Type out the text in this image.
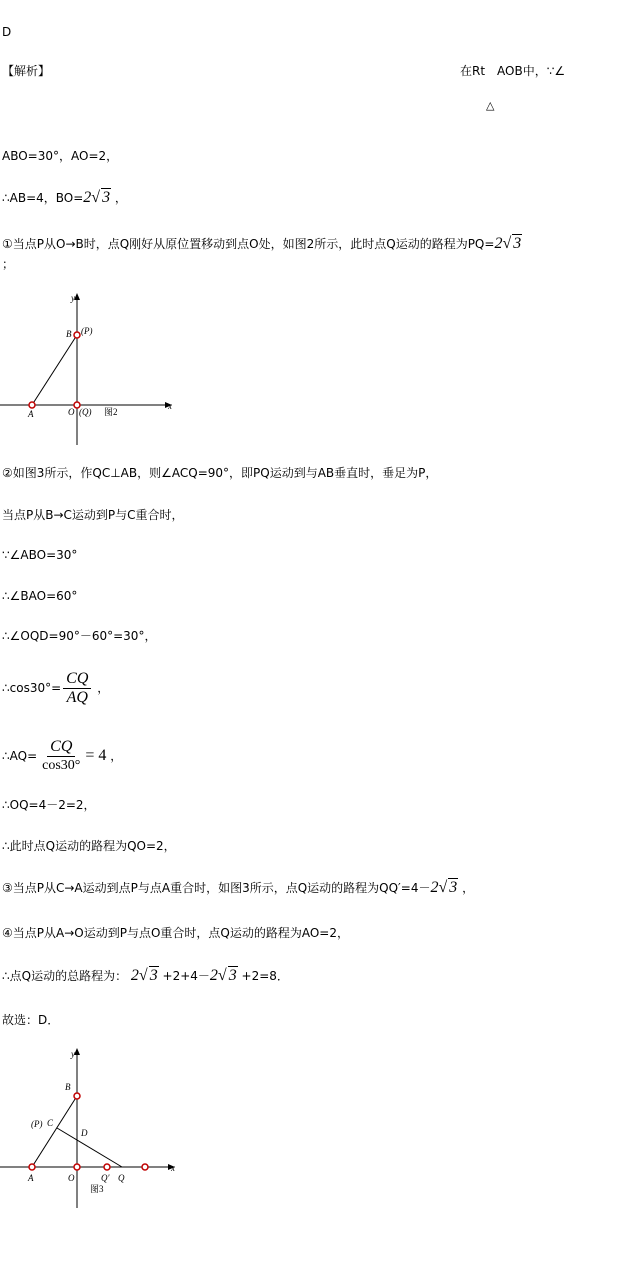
D
【解析】	在Rt　AOB中，∵∠
△
ABO=30°，AO=2，
∴AB=4，BO=2√ 3 ，
①当点P从O→B时，点Q刚好从原位置移动到点O处，如图2所示，此时点Q运动的路程为PQ=2√ 3
；
y
x
B (P)
A	O (Q) 图2
②如图3所示，作QC⊥AB，则∠ACQ=90°，即PQ运动到与AB垂直时，垂足为P，
当点P从B→C运动到P与C重合时，
∵∠ABO=30°
∴∠BAO=60°
∴∠OQD=90°－60°=30°，
∴cos30°= $\frac{CQ}{AQ}$ ，
∴AQ= $\frac{CQ}{\cos 30^\circ} = 4$ ，
∴OQ=4－2=2，
∴此时点Q运动的路程为QO=2，
③当点P从C→A运动到点P与点A重合时，如图3所示，点Q运动的路程为QQ′=4－2√ 3 ，
④当点P从A→O运动到P与点O重合时，点Q运动的路程为AO=2，
∴点Q运动的总路程为： 2√ 3 +2+4－2√ 3 +2=8．
故选：D．
y
x
B
(P) C
D
A	O	Q′ Q
图3
